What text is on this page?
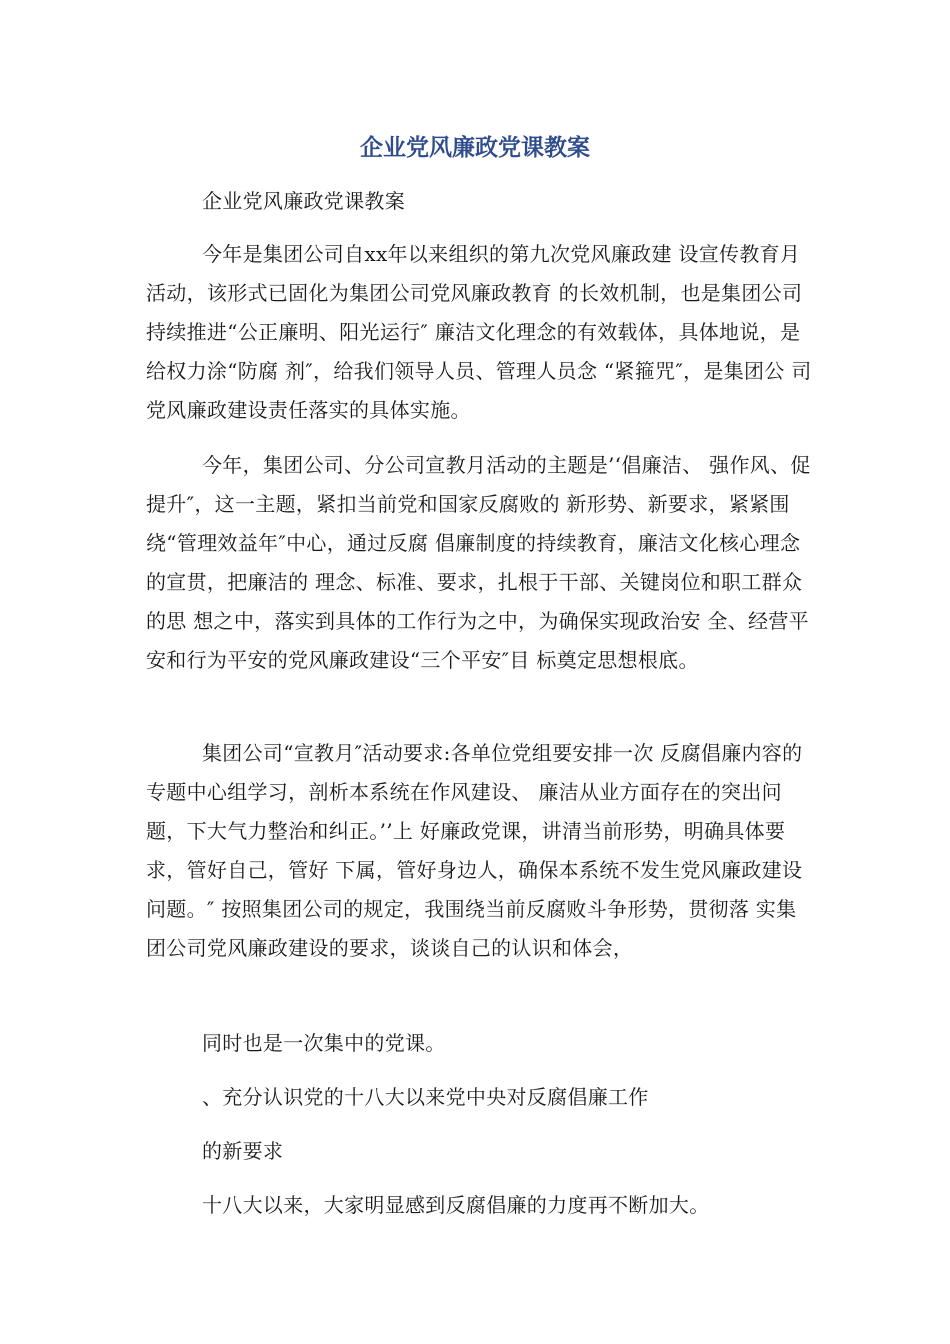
企业党风廉政党课教案

企业党风廉政党课教案

今年是集团公司自xx年以来组织的第九次党风廉政建 设宣传教育月活动，该形式已固化为集团公司党风廉政教育 的长效机制，也是集团公司持续推进“公正廉明、阳光运行″ 廉洁文化理念的有效载体，具体地说，是给权力涂“防腐 剂″，给我们领导人员、管理人员念 “紧箍咒″，是集团公 司党风廉政建设责任落实的具体实施。

今年，集团公司、分公司宣教月活动的主题是’‘倡廉洁、 强作风、促提升″，这一主题，紧扣当前党和国家反腐败的 新形势、新要求，紧紧围绕“管理效益年″中心，通过反腐 倡廉制度的持续教育，廉洁文化核心理念的宣贯，把廉洁的 理念、标准、要求，扎根于干部、关键岗位和职工群众的思 想之中，落实到具体的工作行为之中，为确保实现政治安 全、经营平安和行为平安的党风廉政建设“三个平安″目 标奠定思想根底。

集团公司“宣教月″活动要求:各单位党组要安排一次 反腐倡廉内容的专题中心组学习，剖析本系统在作风建设、 廉洁从业方面存在的突出问题，下大气力整治和纠正。’’上 好廉政党课，讲清当前形势，明确具体要求，管好自己，管好 下属，管好身边人，确保本系统不发生党风廉政建设问题。″ 按照集团公司的规定，我围绕当前反腐败斗争形势，贯彻落 实集团公司党风廉政建设的要求，谈谈自己的认识和体会，

同时也是一次集中的党课。

、充分认识党的十八大以来党中央对反腐倡廉工作

的新要求

十八大以来，大家明显感到反腐倡廉的力度再不断加大。
